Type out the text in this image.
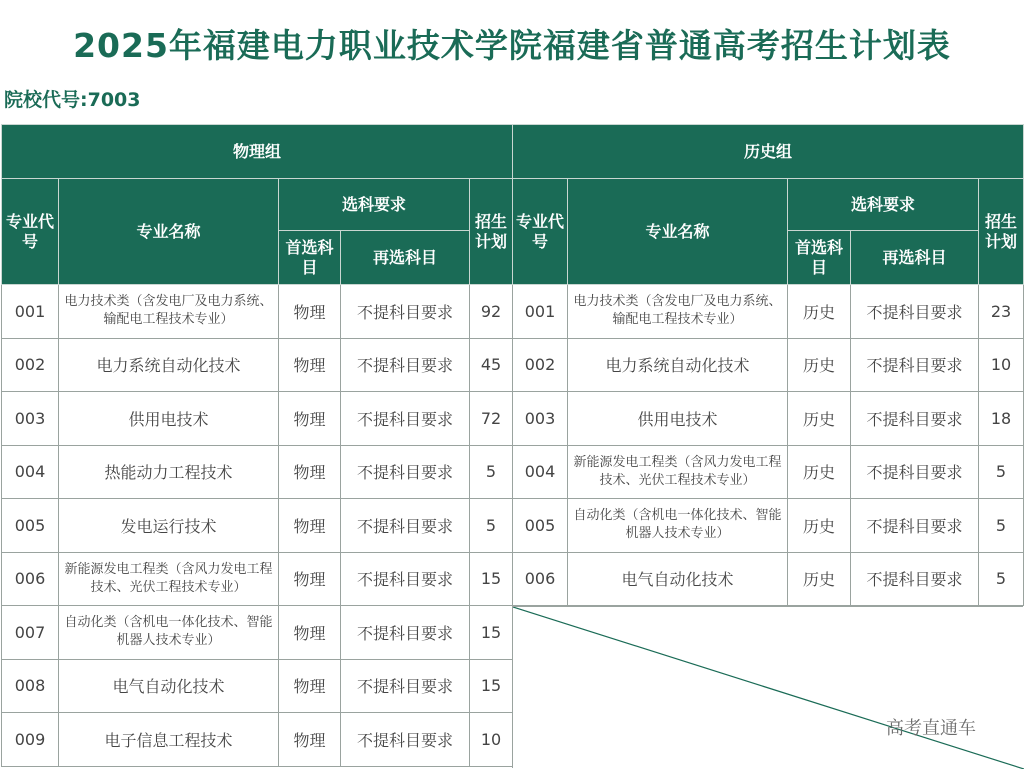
2025年福建电力职业技术学院福建省普通高考招生计划表
院校代号:7003
物理组				
专业代号	专业名称	选科要求		招生计划
		首选科目	再选科目	
001	电力技术类（含发电厂及电力系统、输配电工程技术专业）	物理	不提科目要求	92
002	电力系统自动化技术	物理	不提科目要求	45
003	供用电技术	物理	不提科目要求	72
004	热能动力工程技术	物理	不提科目要求	5
005	发电运行技术	物理	不提科目要求	5
006	新能源发电工程类（含风力发电工程技术、光伏工程技术专业）	物理	不提科目要求	15
007	自动化类（含机电一体化技术、智能机器人技术专业）	物理	不提科目要求	15
008	电气自动化技术	物理	不提科目要求	15
009	电子信息工程技术	物理	不提科目要求	10
历史组				
专业代号	专业名称	选科要求		招生计划
		首选科目	再选科目	
001	电力技术类（含发电厂及电力系统、输配电工程技术专业）	历史	不提科目要求	23
002	电力系统自动化技术	历史	不提科目要求	10
003	供用电技术	历史	不提科目要求	18
004	新能源发电工程类（含风力发电工程技术、光伏工程技术专业）	历史	不提科目要求	5
005	自动化类（含机电一体化技术、智能机器人技术专业）	历史	不提科目要求	5
006	电气自动化技术	历史	不提科目要求	5
高考直通车
